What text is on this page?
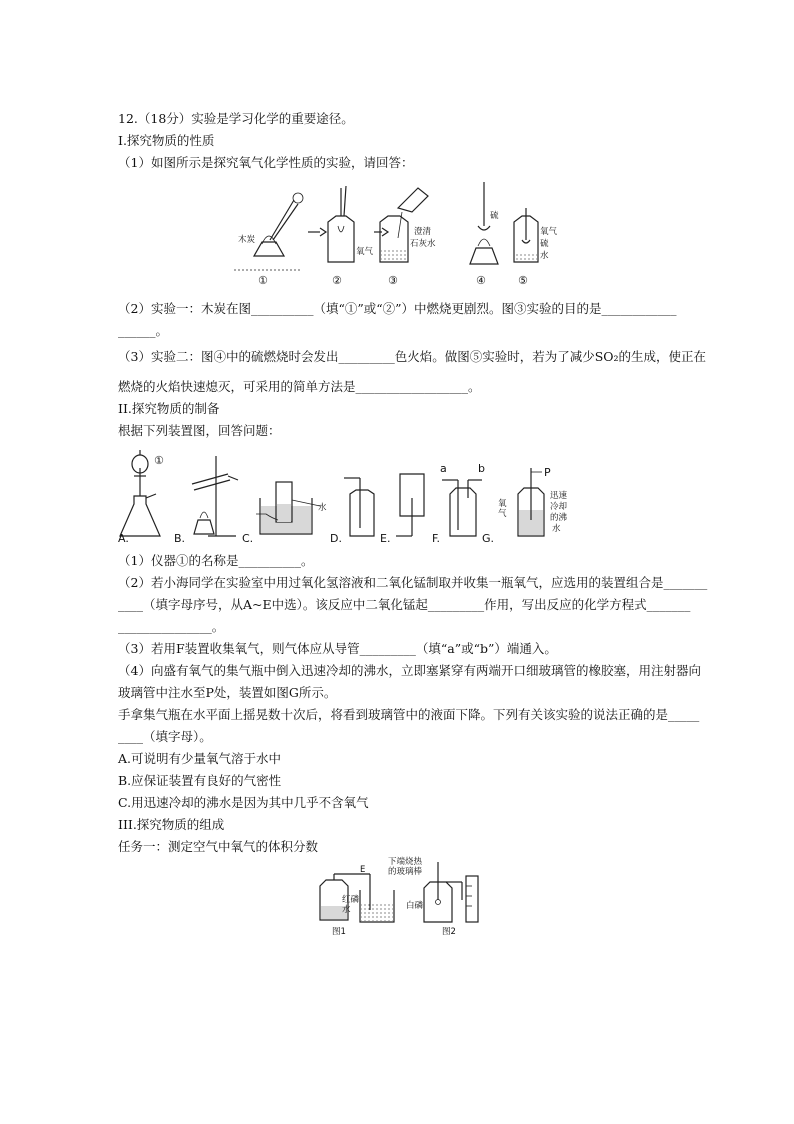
12.（18分）实验是学习化学的重要途径。
I.探究物质的性质
（1）如图所示是探究氧气化学性质的实验，请回答：
木炭
①
氧气
②
澄清
石灰水
③
硫
④
氧气
硫
水
⑤
（2）实验一：木炭在图__________（填“①”或“②”）中燃烧更剧烈。图③实验的目的是____________
______。
（3）实验二：图④中的硫燃烧时会发出_________色火焰。做图⑤实验时，若为了减少SO₂的生成，使正在
燃烧的火焰快速熄灭，可采用的简单方法是__________________。
II.探究物质的制备
根据下列装置图，回答问题：
①
A.	B.
水
C.	D.	E.
a	b
F.
P
氧
气
迅速
冷却
的沸
水
G.
（1）仪器①的名称是__________。
（2）若小海同学在实验室中用过氧化氢溶液和二氧化锰制取并收集一瓶氧气，应选用的装置组合是_______
____（填字母序号，从A~E中选）。该反应中二氧化锰起_________作用，写出反应的化学方程式_______
_______________。
（3）若用F装置收集氧气，则气体应从导管_________（填“a”或“b”）端通入。
（4）向盛有氧气的集气瓶中倒入迅速冷却的沸水，立即塞紧穿有两端开口细玻璃管的橡胶塞，用注射器向
玻璃管中注水至P处，装置如图G所示。
手拿集气瓶在水平面上摇晃数十次后，将看到玻璃管中的液面下降。下列有关该实验的说法正确的是_____
____（填字母）。
A.可说明有少量氧气溶于水中
B.应保证装置有良好的气密性
C.用迅速冷却的沸水是因为其中几乎不含氧气
III.探究物质的组成
任务一：测定空气中氧气的体积分数
E
红磷
水
图1
下端烧热
的玻璃棒
白磷
图2
